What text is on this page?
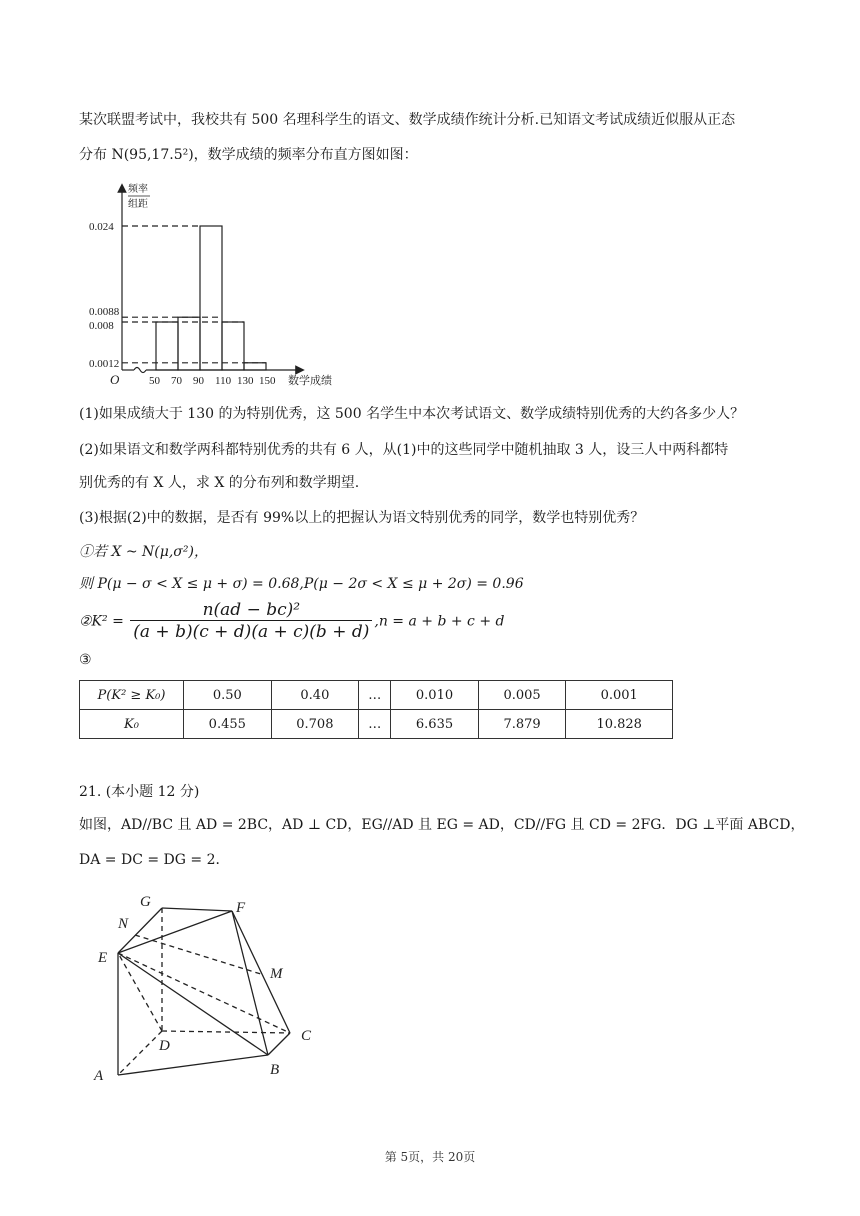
某次联盟考试中，我校共有 500 名理科学生的语文、数学成绩作统计分析.已知语文考试成绩近似服从正态
分布 N(95,17.5²)，数学成绩的频率分布直方图如图：
0.024
0.0088
0.008
0.0012
50 70 90 110 130 150 数学成绩
O
频率
组距
(1)如果成绩大于 130 的为特别优秀，这 500 名学生中本次考试语文、数学成绩特别优秀的大约各多少人？
(2)如果语文和数学两科都特别优秀的共有 6 人，从(1)中的这些同学中随机抽取 3 人，设三人中两科都特
别优秀的有 X 人，求 X 的分布列和数学期望.
(3)根据(2)中的数据，是否有 99%以上的把握认为语文特别优秀的同学，数学也特别优秀？
①若 X ~ N(μ,σ²)，
则 P(μ − σ < X ≤ μ + σ) = 0.68,P(μ − 2σ < X ≤ μ + 2σ) = 0.96
②K² = $\frac{\text{n(ad − bc)²}}{(a + b)(c + d)(a + c)(b + d)} ,n = a + b + c + d$
③
P(K² ≥ K₀)	0.50	0.40	…	0.010	0.005	0.001
K₀	0.455	0.708	…	6.635	7.879	10.828
21. (本小题 12 分)
如图，AD//BC 且 AD = 2BC，AD ⊥ CD，EG//AD 且 EG = AD，CD//FG 且 CD = 2FG．DG ⊥平面 ABCD，
DA = DC = DG = 2．
G	F
N
E
M
D
C
A	B
第 5页，共 20页
